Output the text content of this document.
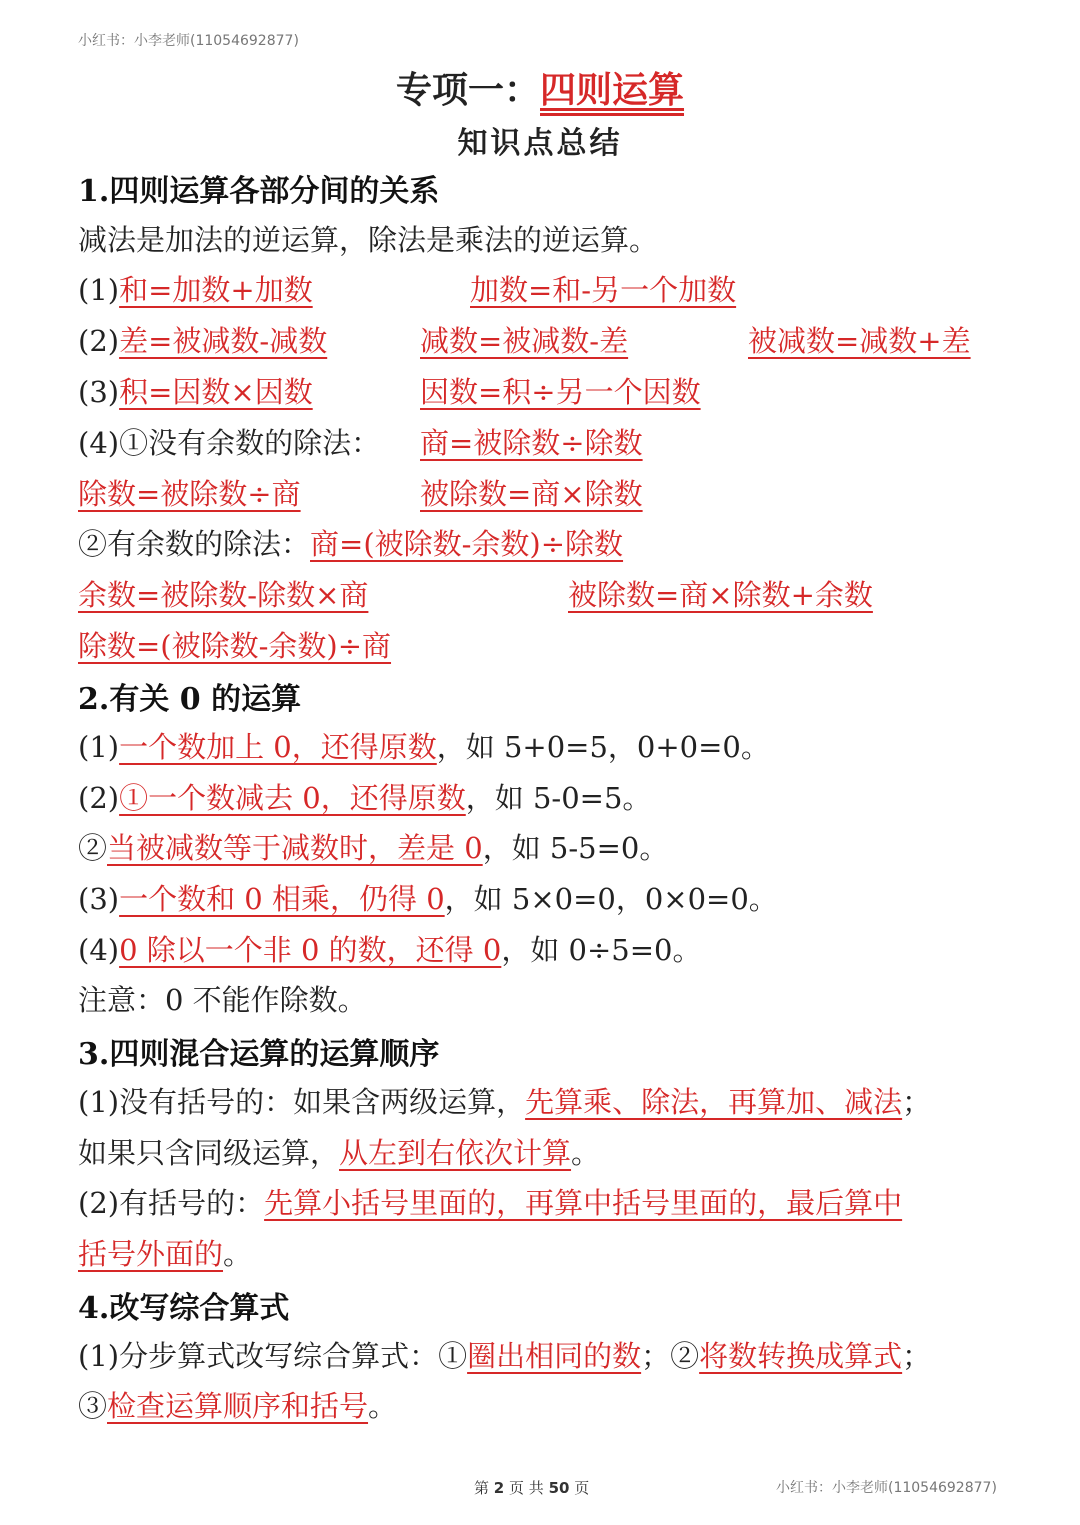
小红书：小李老师(11054692877)
专项一：四则运算
知识点总结
1.四则运算各部分间的关系
减法是加法的逆运算，除法是乘法的逆运算。
(1)和=加数+加数	加数=和-另一个加数
(2)差=被减数-减数	减数=被减数-差	被减数=减数+差
(3)积=因数×因数	因数=积÷另一个因数
(4)①没有余数的除法： 商=被除数÷除数
除数=被除数÷商	被除数=商×除数
②有余数的除法：商=(被除数-余数)÷除数
余数=被除数-除数×商	被除数=商×除数+余数
除数=(被除数-余数)÷商
2.有关 0 的运算
(1)一个数加上 0，还得原数，如 5+0=5，0+0=0。
(2)①一个数减去 0，还得原数，如 5-0=5。
②当被减数等于减数时，差是 0，如 5-5=0。
(3)一个数和 0 相乘，仍得 0，如 5×0=0，0×0=0。
(4)0 除以一个非 0 的数，还得 0，如 0÷5=0。
注意：0 不能作除数。
3.四则混合运算的运算顺序
(1)没有括号的：如果含两级运算，先算乘、除法，再算加、减法；
如果只含同级运算，从左到右依次计算。
(2)有括号的：先算小括号里面的，再算中括号里面的，最后算中
括号外面的。
4.改写综合算式
(1)分步算式改写综合算式：①圈出相同的数；②将数转换成算式；
③检查运算顺序和括号。
第 2 页 共 50 页	小红书：小李老师(11054692877)
